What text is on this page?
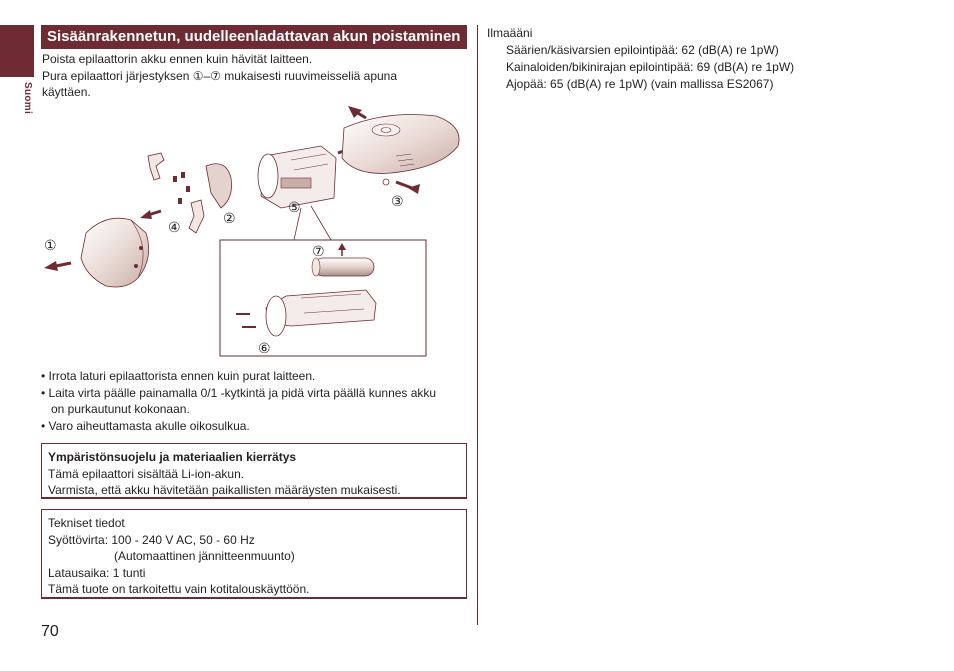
Suomi
Sisäänrakennetun, uudelleenladattavan akun poistaminen
Poista epilaattorin akku ennen kuin hävität laitteen.
Pura epilaattori järjestyksen ①–⑦ mukaisesti ruuvimeisseliä apuna
käyttäen.
①
②
③
④
⑤
⑥
⑦
• Irrota laturi epilaattorista ennen kuin purat laitteen.
• Laita virta päälle painamalla 0/1 -kytkintä ja pidä virta päällä kunnes akku
on purkautunut kokonaan.
• Varo aiheuttamasta akulle oikosulkua.
Ympäristönsuojelu ja materiaalien kierrätys
Tämä epilaattori sisältää Li-ion-akun.
Varmista, että akku hävitetään paikallisten määräysten mukaisesti.
Tekniset tiedot
Syöttövirta: 100 - 240 V AC, 50 - 60 Hz
(Automaattinen jännitteenmuunto)
Latausaika: 1 tunti
Tämä tuote on tarkoitettu vain kotitalouskäyttöön.
Ilmaääni
Säärien/käsivarsien epilointipää: 62 (dB(A) re 1pW)
Kainaloiden/bikinirajan epilointipää: 69 (dB(A) re 1pW)
Ajopää: 65 (dB(A) re 1pW) (vain mallissa ES2067)
70
